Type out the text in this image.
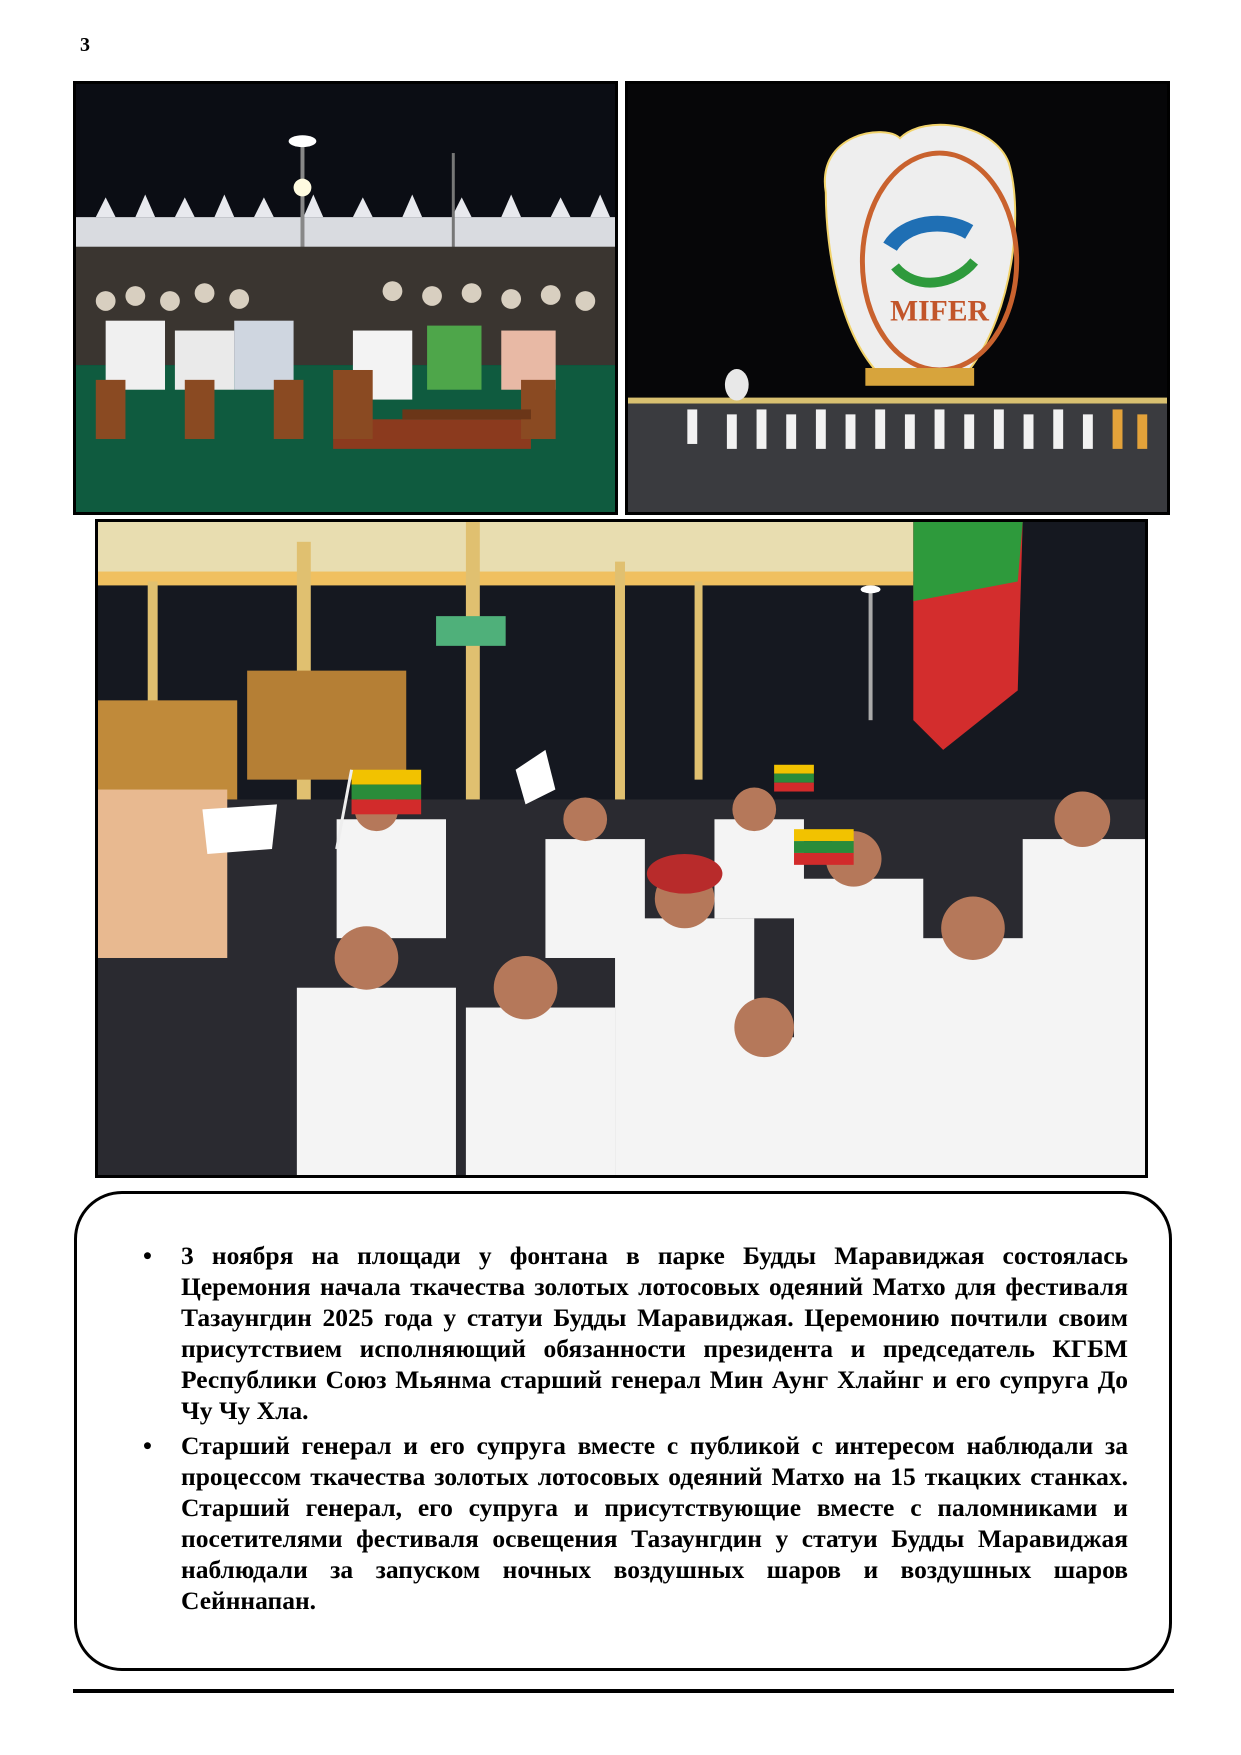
3
MIFER
• 3 ноября на площади у фонтана в парке Будды Маравиджая состоялась Церемония начала ткачества золотых лотосовых одеяний Матхо для фестиваля Тазаунгдин 2025 года у статуи Будды Маравиджая. Церемонию почтили своим присутствием исполняющий обязанности президента и председатель КГБМ Республики Союз Мьянма старший генерал Мин Аунг Хлайнг и его супруга До Чу Чу Хла.
• Старший генерал и его супруга вместе с публикой с интересом наблюдали за процессом ткачества золотых лотосовых одеяний Матхо на 15 ткацких станках. Старший генерал, его супруга и присутствующие вместе с паломниками и посетителями фестиваля освещения Тазаунгдин у статуи Будды Маравиджая наблюдали за запуском ночных воздушных шаров и воздушных шаров Сейннапан.
